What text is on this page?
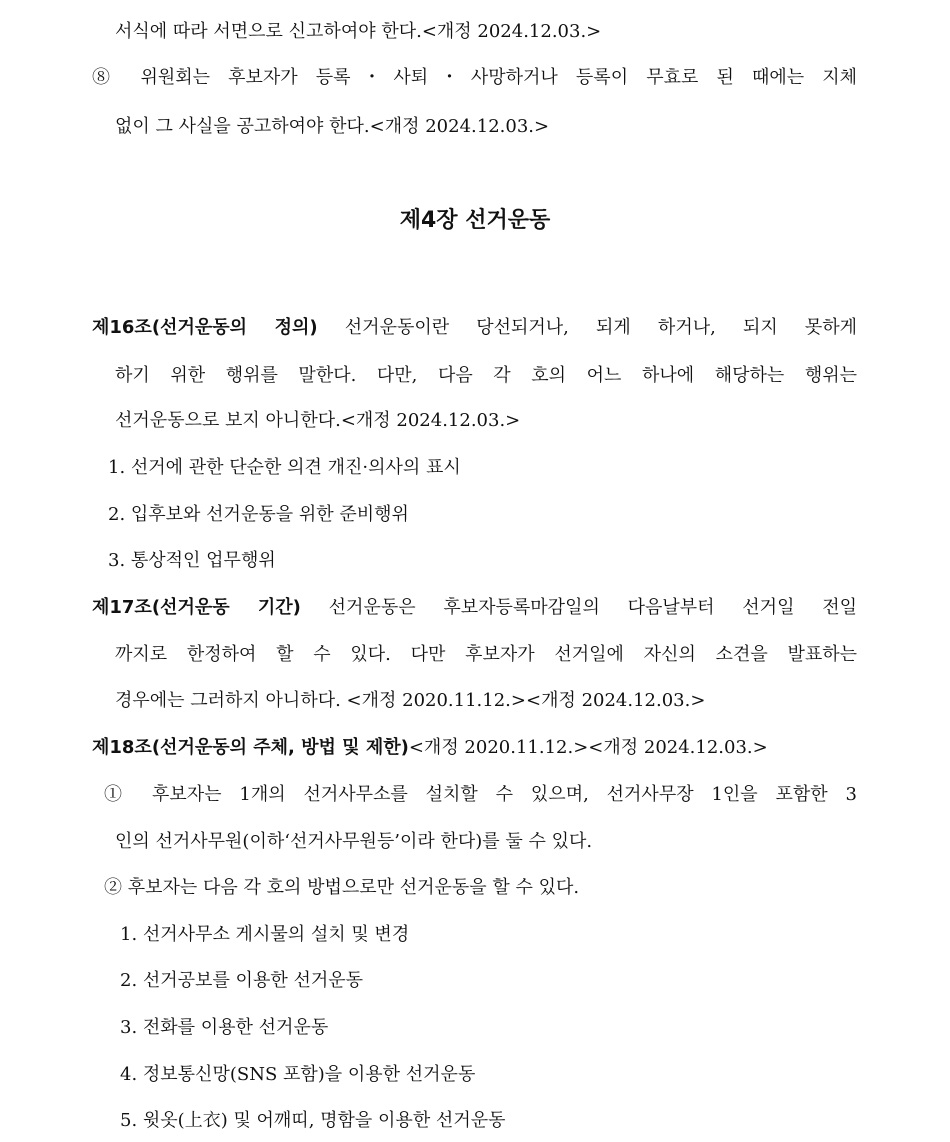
서식에 따라 서면으로 신고하여야 한다.<개정 2024.12.03.>
⑧ 위원회는 후보자가 등록・사퇴・사망하거나 등록이 무효로 된 때에는 지체
없이 그 사실을 공고하여야 한다.<개정 2024.12.03.>
제4장 선거운동
제16조(선거운동의 정의) 선거운동이란 당선되거나, 되게 하거나, 되지 못하게
하기 위한 행위를 말한다. 다만, 다음 각 호의 어느 하나에 해당하는 행위는
선거운동으로 보지 아니한다.<개정 2024.12.03.>
1. 선거에 관한 단순한 의견 개진·의사의 표시
2. 입후보와 선거운동을 위한 준비행위
3. 통상적인 업무행위
제17조(선거운동 기간) 선거운동은 후보자등록마감일의 다음날부터 선거일 전일
까지로 한정하여 할 수 있다. 다만 후보자가 선거일에 자신의 소견을 발표하는
경우에는 그러하지 아니하다. <개정 2020.11.12.><개정 2024.12.03.>
제18조(선거운동의 주체, 방법 및 제한)<개정 2020.11.12.><개정 2024.12.03.>
① 후보자는 1개의 선거사무소를 설치할 수 있으며, 선거사무장 1인을 포함한 3
인의 선거사무원(이하‘선거사무원등’이라 한다)를 둘 수 있다.
② 후보자는 다음 각 호의 방법으로만 선거운동을 할 수 있다.
1. 선거사무소 게시물의 설치 및 변경
2. 선거공보를 이용한 선거운동
3. 전화를 이용한 선거운동
4. 정보통신망(SNS 포함)을 이용한 선거운동
5. 윗옷(上衣) 및 어깨띠, 명함을 이용한 선거운동
